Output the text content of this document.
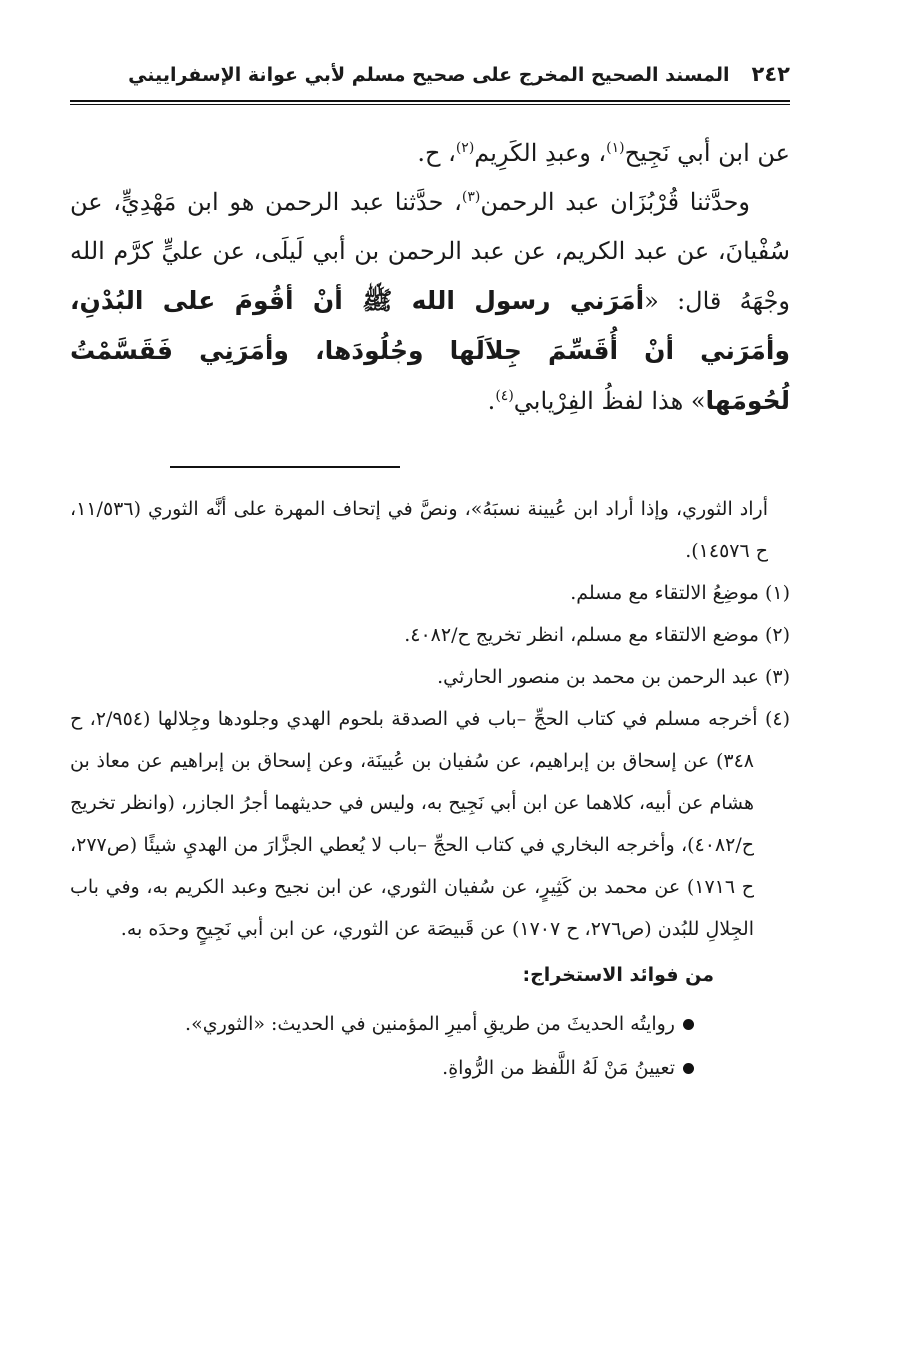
٢٤٢
المسند الصحيح المخرج على صحيح مسلم لأبي عوانة الإسفراييني

عن ابن أبي نَجِيح$^{(١)}$، وعبدِ الكَرِيم$^{(٢)}$، ح.

وحدَّثنا قُرْبُزَان عبد الرحمن$^{(٣)}$، حدَّثنا عبد الرحمن هو ابن مَهْدِيٍّ، عن سُفْيانَ، عن عبد الكريم، عن عبد الرحمن بن أبي لَيلَى، عن عليٍّ كرَّم الله وجْهَهُ قال: «أمَرَني رسول الله ﷺ أنْ أقُومَ على البُدْنِ، وأمَرَني أنْ أُقَسِّمَ جِلاَلَها وجُلُودَها، وأمَرَنِي فَقَسَّمْتُ لُحُومَها» هذا لفظُ الفِرْيابي$^{(٤)}$.

أراد الثوري، وإذا أراد ابن عُيينة نسبَهُ»، ونصَّ في إتحاف المهرة على أنَّه الثوري (١١/٥٣٦، ح ١٤٥٧٦).

(١) موضِعُ الالتقاء مع مسلم.

(٢) موضع الالتقاء مع مسلم، انظر تخريج ح/٤٠٨٢.

(٣) عبد الرحمن بن محمد بن منصور الحارثي.

(٤) أخرجه مسلم في كتاب الحجِّ –باب في الصدقة بلحوم الهدي وجلودها وجِلالها (٢/٩٥٤، ح ٣٤٨) عن إسحاق بن إبراهيم، عن سُفيان بن عُيينَة، وعن إسحاق بن إبراهيم عن معاذ بن هشام عن أبيه، كلاهما عن ابن أبي نَجِيح به، وليس في حديثهما أجرُ الجازر، (وانظر تخريج ح/٤٠٨٢)، وأخرجه البخاري في كتاب الحجِّ –باب لا يُعطي الجزَّارَ من الهديِ شيئًا (ص٢٧٧، ح ١٧١٦) عن محمد بن كَثِيرٍ، عن سُفيان الثوري، عن ابن نجيح وعبد الكريم به، وفي باب الجِلالِ للبُدن (ص٢٧٦، ح ١٧٠٧) عن قَبيصَة عن الثوري، عن ابن أبي نَجِيحٍ وحدَه به.

من فوائد الاستخراج:
روايتُه الحديثَ من طريقِ أميرِ المؤمنين في الحديث: «الثوري».
تعيينُ مَنْ لَهُ اللَّفظ من الرُّواةِ.
